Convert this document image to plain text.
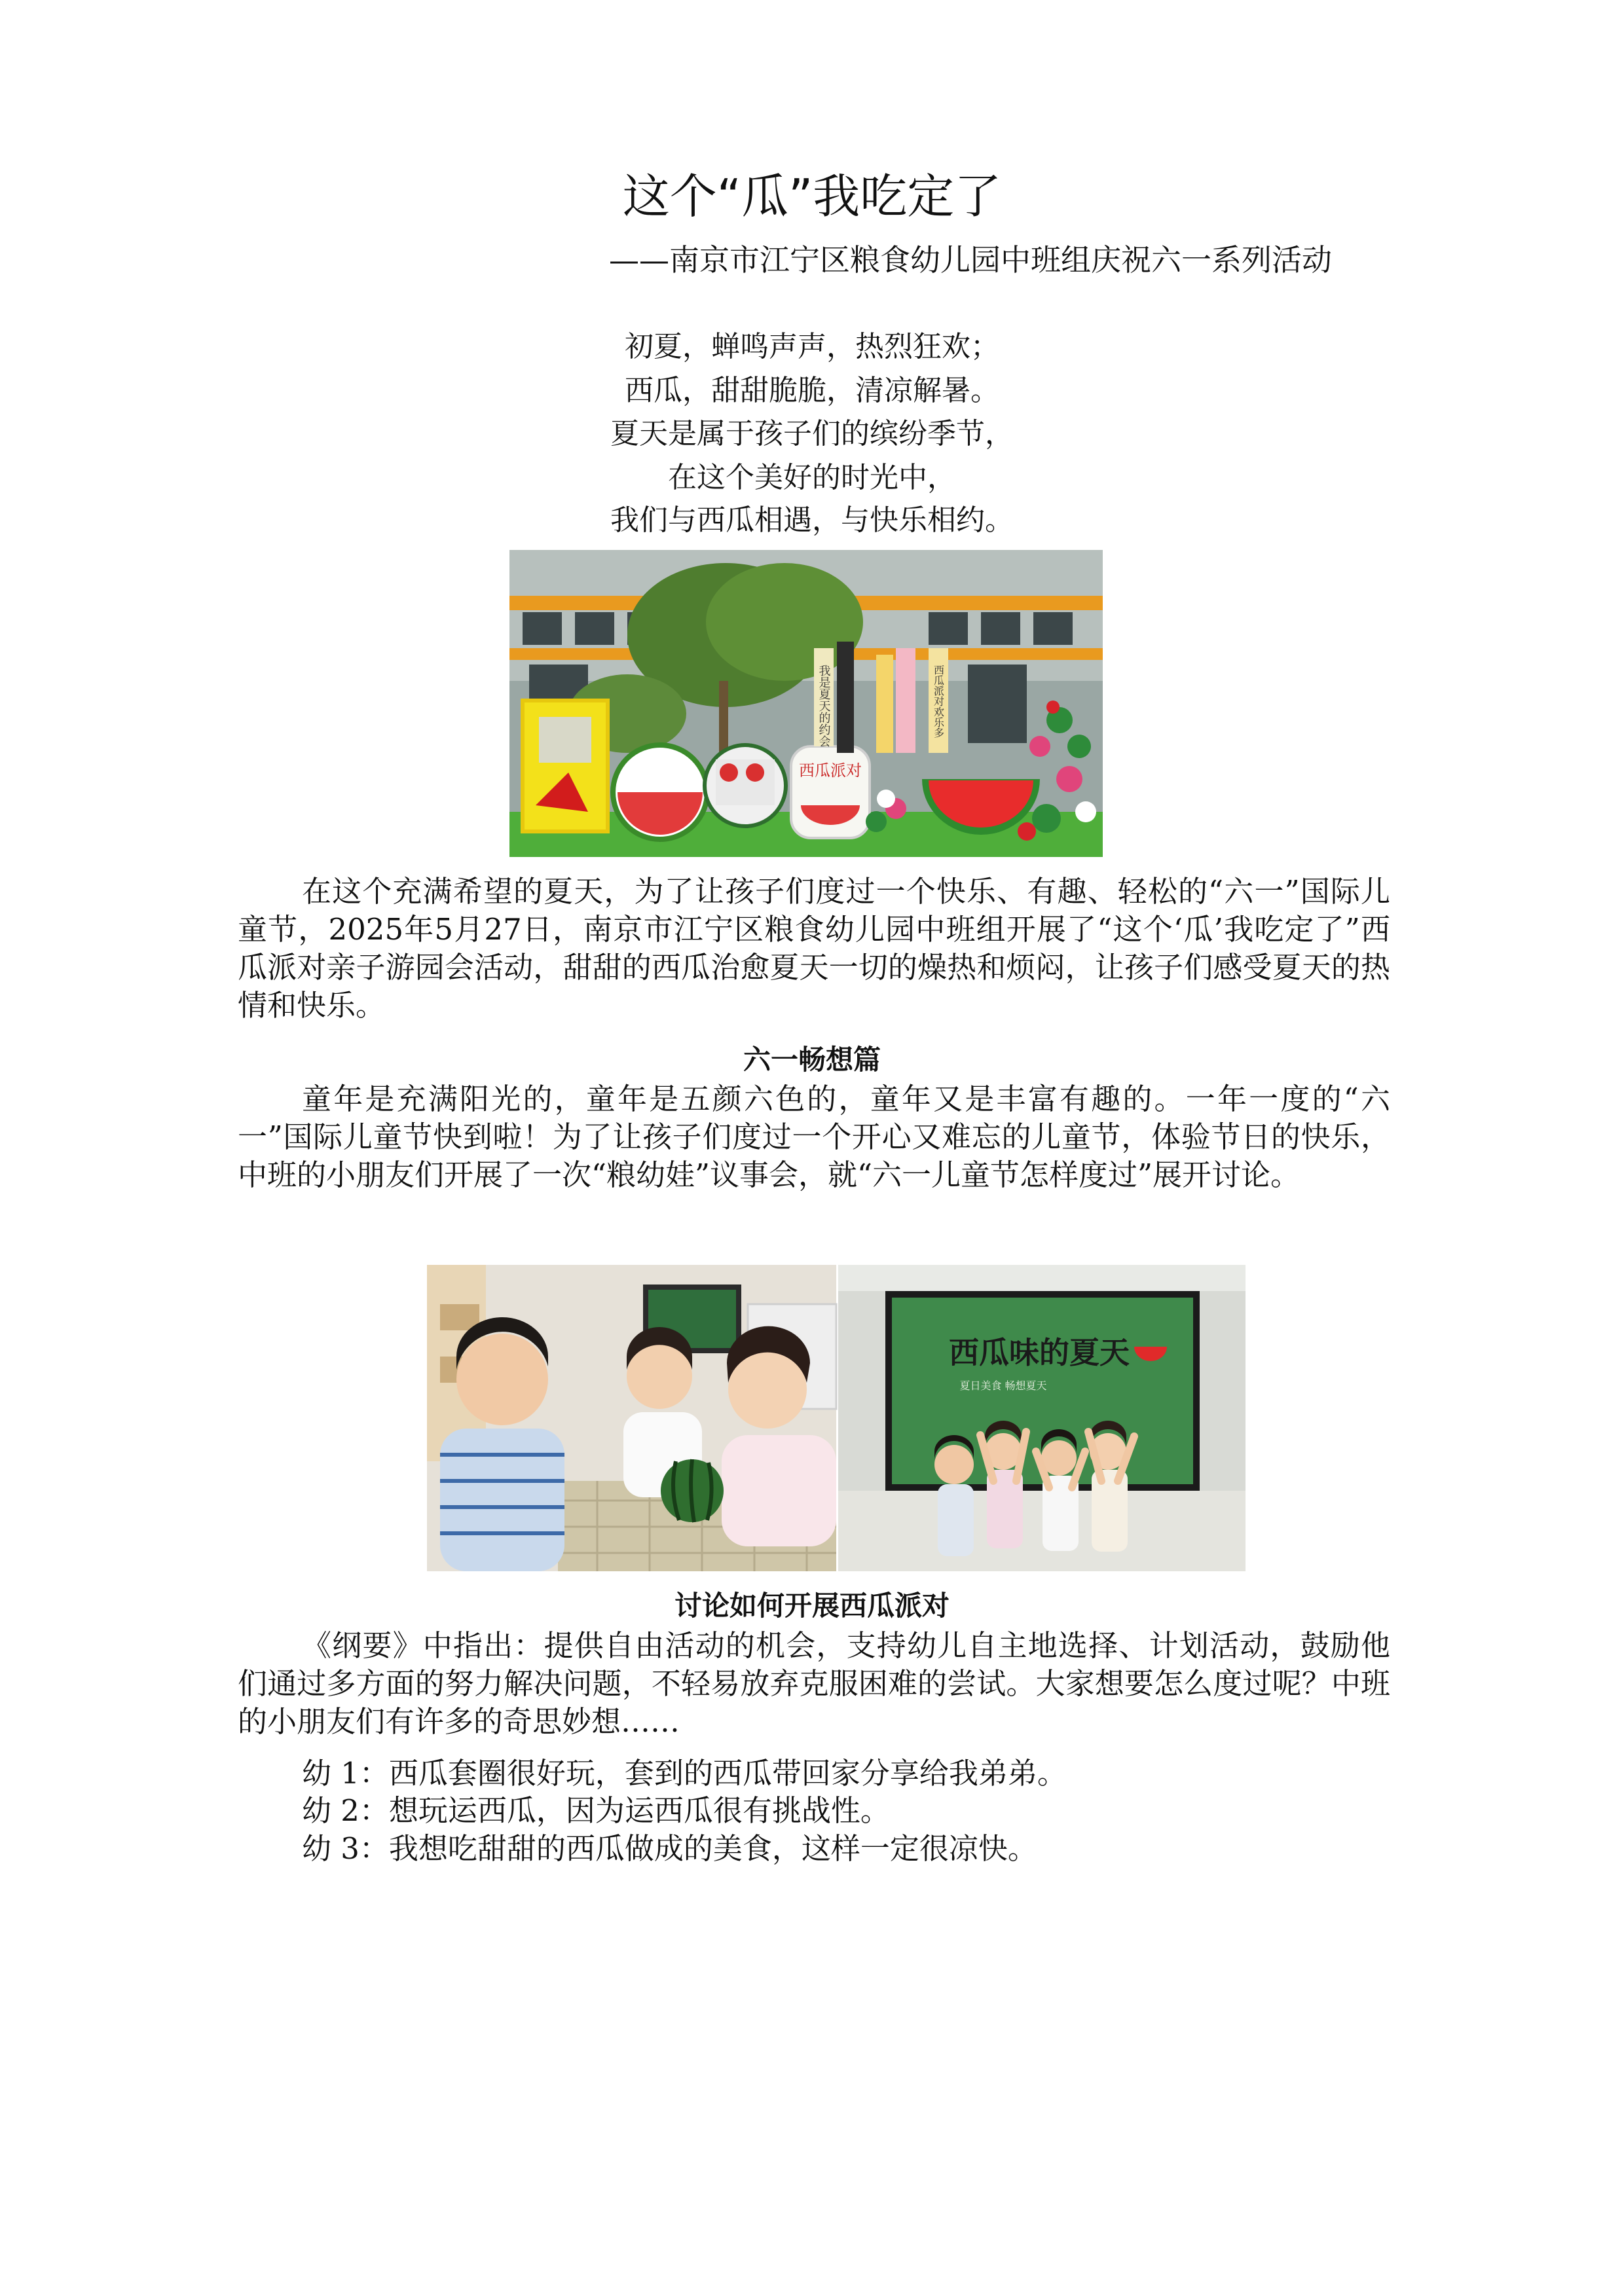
这个“瓜”我吃定了
——南京市江宁区粮食幼儿园中班组庆祝六一系列活动
初夏，蝉鸣声声，热烈狂欢；
西瓜，甜甜脆脆，清凉解暑。
夏天是属于孩子们的缤纷季节，
在这个美好的时光中，
我们与西瓜相遇，与快乐相约。
西瓜派对
我是夏天的约会	西瓜派对欢乐多
在这个充满希望的夏天，为了让孩子们度过一个快乐、有趣、轻松的“六一”国际儿童节，2025年5月27日，南京市江宁区粮食幼儿园中班组开展了“这个‘瓜’我吃定了”西瓜派对亲子游园会活动，甜甜的西瓜治愈夏天一切的燥热和烦闷，让孩子们感受夏天的热情和快乐。
六一畅想篇
童年是充满阳光的，童年是五颜六色的，童年又是丰富有趣的。一年一度的“六一”国际儿童节快到啦！为了让孩子们度过一个开心又难忘的儿童节，体验节日的快乐，中班的小朋友们开展了一次“粮幼娃”议事会，就“六一儿童节怎样度过”展开讨论。
西瓜味的夏天
夏日美食 畅想夏天
讨论如何开展西瓜派对
《纲要》中指出：提供自由活动的机会，支持幼儿自主地选择、计划活动，鼓励他们通过多方面的努力解决问题，不轻易放弃克服困难的尝试。大家想要怎么度过呢？中班的小朋友们有许多的奇思妙想……
幼 1：西瓜套圈很好玩，套到的西瓜带回家分享给我弟弟。
幼 2：想玩运西瓜，因为运西瓜很有挑战性。
幼 3：我想吃甜甜的西瓜做成的美食，这样一定很凉快。
